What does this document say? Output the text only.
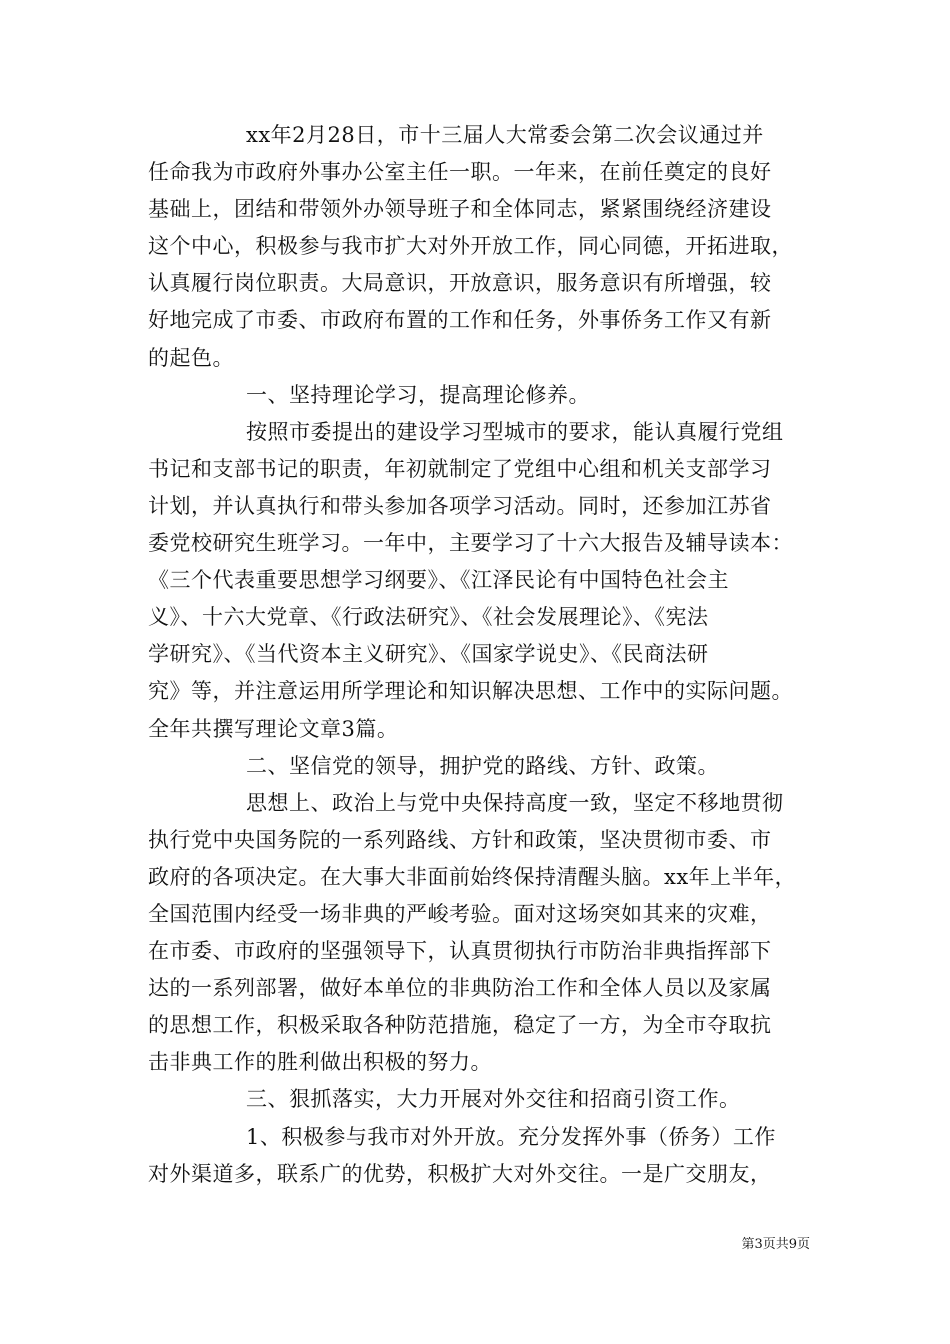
xx年2月28日，市十三届人大常委会第二次会议通过并
任命我为市政府外事办公室主任一职。一年来，在前任奠定的良好
基础上，团结和带领外办领导班子和全体同志，紧紧围绕经济建设
这个中心，积极参与我市扩大对外开放工作，同心同德，开拓进取，
认真履行岗位职责。大局意识，开放意识，服务意识有所增强，较
好地完成了市委、市政府布置的工作和任务，外事侨务工作又有新
的起色。
一、坚持理论学习，提高理论修养。
按照市委提出的建设学习型城市的要求，能认真履行党组
书记和支部书记的职责，年初就制定了党组中心组和机关支部学习
计划，并认真执行和带头参加各项学习活动。同时，还参加江苏省
委党校研究生班学习。一年中，主要学习了十六大报告及辅导读本：
《三个代表重要思想学习纲要》、《江泽民论有中国特色社会主
义》、十六大党章、《行政法研究》、《社会发展理论》、《宪法
学研究》、《当代资本主义研究》、《国家学说史》、《民商法研
究》等，并注意运用所学理论和知识解决思想、工作中的实际问题。
全年共撰写理论文章3篇。
二、坚信党的领导，拥护党的路线、方针、政策。
思想上、政治上与党中央保持高度一致，坚定不移地贯彻
执行党中央国务院的一系列路线、方针和政策，坚决贯彻市委、市
政府的各项决定。在大事大非面前始终保持清醒头脑。xx年上半年，
全国范围内经受一场非典的严峻考验。面对这场突如其来的灾难，
在市委、市政府的坚强领导下，认真贯彻执行市防治非典指挥部下
达的一系列部署，做好本单位的非典防治工作和全体人员以及家属
的思想工作，积极采取各种防范措施，稳定了一方，为全市夺取抗
击非典工作的胜利做出积极的努力。
三、狠抓落实，大力开展对外交往和招商引资工作。
1、积极参与我市对外开放。充分发挥外事（侨务）工作
对外渠道多，联系广的优势，积极扩大对外交往。一是广交朋友，
第3页共9页
